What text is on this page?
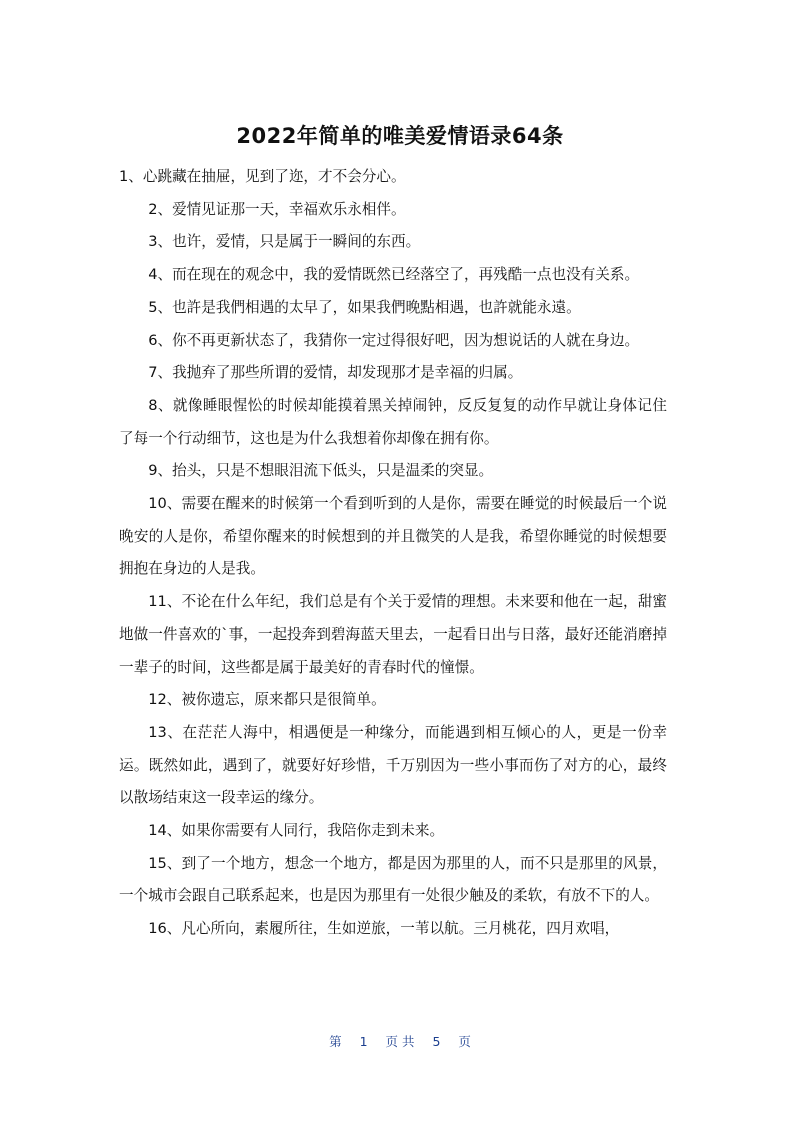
2022年简单的唯美爱情语录64条

1、心跳藏在抽屉，见到了迩，才不会分心。

2、爱情见证那一天，幸福欢乐永相伴。

3、也许，爱情，只是属于一瞬间的东西。

4、而在现在的观念中，我的爱情既然已经落空了，再残酷一点也没有关系。

5、也許是我們相遇的太早了，如果我們晚點相遇，也許就能永遠。

6、你不再更新状态了，我猜你一定过得很好吧，因为想说话的人就在身边。

7、我抛弃了那些所谓的爱情，却发现那才是幸福的归属。

8、就像睡眼惺忪的时候却能摸着黑关掉闹钟，反反复复的动作早就让身体记住了每一个行动细节，这也是为什么我想着你却像在拥有你。

9、抬头，只是不想眼泪流下低头，只是温柔的突显。

10、需要在醒来的时候第一个看到听到的人是你，需要在睡觉的时候最后一个说晚安的人是你，希望你醒来的时候想到的并且微笑的人是我，希望你睡觉的时候想要拥抱在身边的人是我。

11、不论在什么年纪，我们总是有个关于爱情的理想。未来要和他在一起，甜蜜地做一件喜欢的`事，一起投奔到碧海蓝天里去，一起看日出与日落，最好还能消磨掉一辈子的时间，这些都是属于最美好的青春时代的憧憬。

12、被你遗忘，原来都只是很简单。

13、在茫茫人海中，相遇便是一种缘分，而能遇到相互倾心的人，更是一份幸运。既然如此，遇到了，就要好好珍惜，千万别因为一些小事而伤了对方的心，最终以散场结束这一段幸运的缘分。

14、如果你需要有人同行，我陪你走到未来。

15、到了一个地方，想念一个地方，都是因为那里的人，而不只是那里的风景，一个城市会跟自己联系起来，也是因为那里有一处很少触及的柔软，有放不下的人。

16、凡心所向，素履所往，生如逆旅，一苇以航。三月桃花，四月欢唱，

第 1 页 共 5 页
